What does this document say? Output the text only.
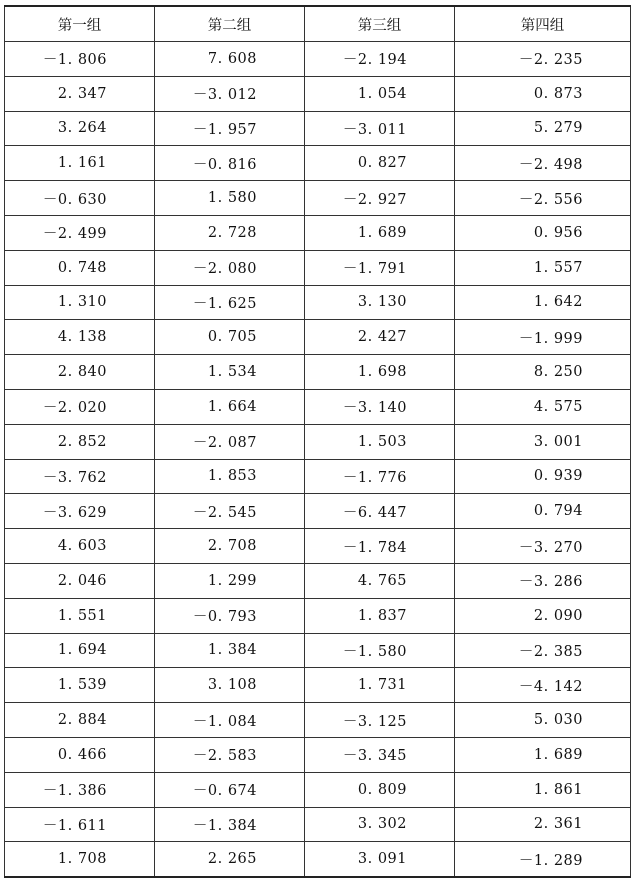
第一组	第二组	第三组	第四组
－1. 806	7. 608	－2. 194	－2. 235
2. 347	－3. 012	1. 054	0. 873
3. 264	－1. 957	－3. 011	5. 279
1. 161	－0. 816	0. 827	－2. 498
－0. 630	1. 580	－2. 927	－2. 556
－2. 499	2. 728	1. 689	0. 956
0. 748	－2. 080	－1. 791	1. 557
1. 310	－1. 625	3. 130	1. 642
4. 138	0. 705	2. 427	－1. 999
2. 840	1. 534	1. 698	8. 250
－2. 020	1. 664	－3. 140	4. 575
2. 852	－2. 087	1. 503	3. 001
－3. 762	1. 853	－1. 776	0. 939
－3. 629	－2. 545	－6. 447	0. 794
4. 603	2. 708	－1. 784	－3. 270
2. 046	1. 299	4. 765	－3. 286
1. 551	－0. 793	1. 837	2. 090
1. 694	1. 384	－1. 580	－2. 385
1. 539	3. 108	1. 731	－4. 142
2. 884	－1. 084	－3. 125	5. 030
0. 466	－2. 583	－3. 345	1. 689
－1. 386	－0. 674	0. 809	1. 861
－1. 611	－1. 384	3. 302	2. 361
1. 708	2. 265	3. 091	－1. 289
